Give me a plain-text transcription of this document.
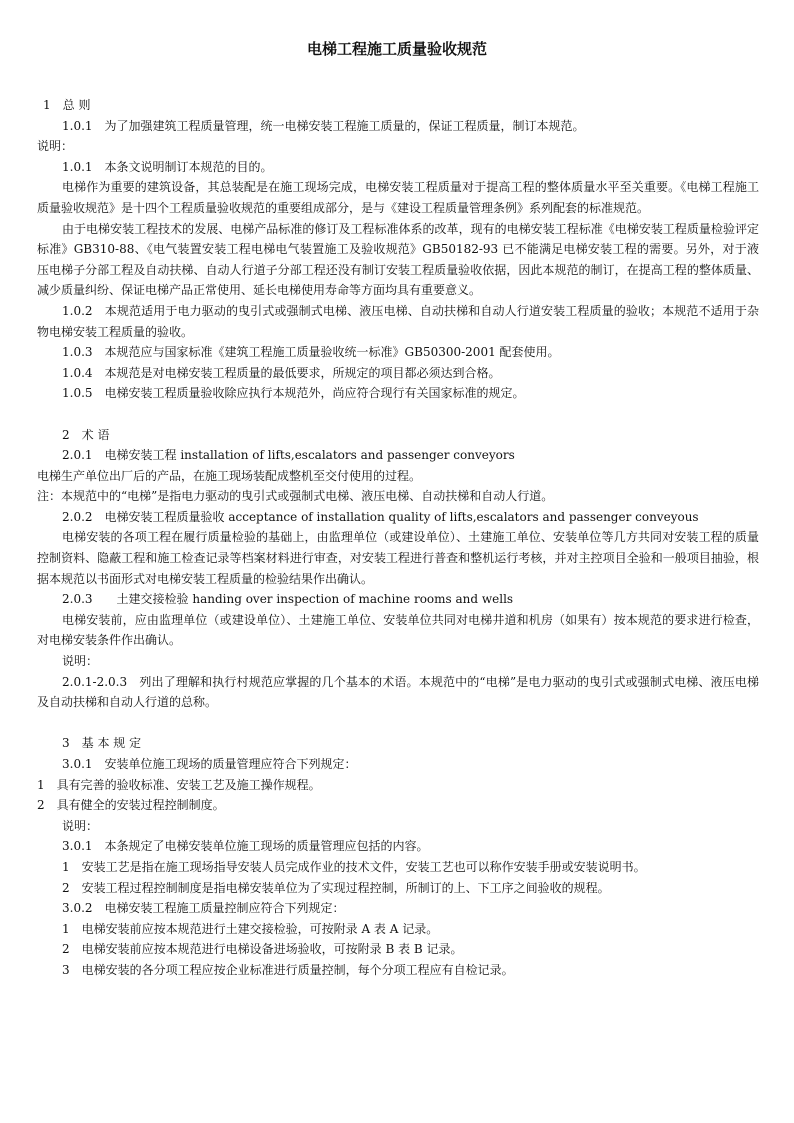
电梯工程施工质量验收规范

1　总 则

1.0.1　为了加强建筑工程质量管理，统一电梯安装工程施工质量的，保证工程质量，制订本规范。

说明：

1.0.1　本条文说明制订本规范的目的。

电梯作为重要的建筑设备，其总装配是在施工现场完成，电梯安装工程质量对于提高工程的整体质量水平至关重要。《电梯工程施工质量验收规范》是十四个工程质量验收规范的重要组成部分，是与《建设工程质量管理条例》系列配套的标准规范。

由于电梯安装工程技术的发展、电梯产品标准的修订及工程标准体系的改革，现有的电梯安装工程标准《电梯安装工程质量检验评定标准》GB310-88、《电气装置安装工程电梯电气装置施工及验收规范》GB50182-93 已不能满足电梯安装工程的需要。另外，对于液压电梯子分部工程及自动扶梯、自动人行道子分部工程还没有制订安装工程质量验收依据，因此本规范的制订，在提高工程的整体质量、减少质量纠纷、保证电梯产品正常使用、延长电梯使用寿命等方面均具有重要意义。

1.0.2　本规范适用于电力驱动的曳引式或强制式电梯、液压电梯、自动扶梯和自动人行道安装工程质量的验收；本规范不适用于杂物电梯安装工程质量的验收。

1.0.3　本规范应与国家标准《建筑工程施工质量验收统一标准》GB50300-2001 配套使用。

1.0.4　本规范是对电梯安装工程质量的最低要求，所规定的项目都必须达到合格。

1.0.5　电梯安装工程质量验收除应执行本规范外，尚应符合现行有关国家标准的规定。

2　术 语

2.0.1　电梯安装工程 installation of lifts,escalators and passenger conveyors

电梯生产单位出厂后的产品，在施工现场装配成整机至交付使用的过程。

注：本规范中的“电梯”是指电力驱动的曳引式或强制式电梯、液压电梯、自动扶梯和自动人行道。

2.0.2　电梯安装工程质量验收 acceptance of installation quality of lifts,escalators and passenger conveyous

电梯安装的各项工程在履行质量检验的基础上，由监理单位（或建设单位）、土建施工单位、安装单位等几方共同对安装工程的质量控制资料、隐蔽工程和施工检查记录等档案材料进行审查，对安装工程进行普查和整机运行考核，并对主控项目全验和一般项目抽验，根据本规范以书面形式对电梯安装工程质量的检验结果作出确认。

2.0.3　　土建交接检验 handing over inspection of machine rooms and wells

电梯安装前，应由监理单位（或建设单位）、土建施工单位、安装单位共同对电梯井道和机房（如果有）按本规范的要求进行检查，对电梯安装条件作出确认。

说明：

2.0.1-2.0.3　列出了理解和执行村规范应掌握的几个基本的术语。本规范中的“电梯”是电力驱动的曳引式或强制式电梯、液压电梯及自动扶梯和自动人行道的总称。

3　基 本 规 定

3.0.1　安装单位施工现场的质量管理应符合下列规定：

1　具有完善的验收标准、安装工艺及施工操作规程。

2　具有健全的安装过程控制制度。

说明：

3.0.1　本条规定了电梯安装单位施工现场的质量管理应包括的内容。

1　安装工艺是指在施工现场指导安装人员完成作业的技术文件，安装工艺也可以称作安装手册或安装说明书。

2　安装工程过程控制制度是指电梯安装单位为了实现过程控制，所制订的上、下工序之间验收的规程。

3.0.2　电梯安装工程施工质量控制应符合下列规定：

1　电梯安装前应按本规范进行土建交接检验，可按附录 A 表 A 记录。

2　电梯安装前应按本规范进行电梯设备进场验收，可按附录 B 表 B 记录。

3　电梯安装的各分项工程应按企业标准进行质量控制，每个分项工程应有自检记录。
